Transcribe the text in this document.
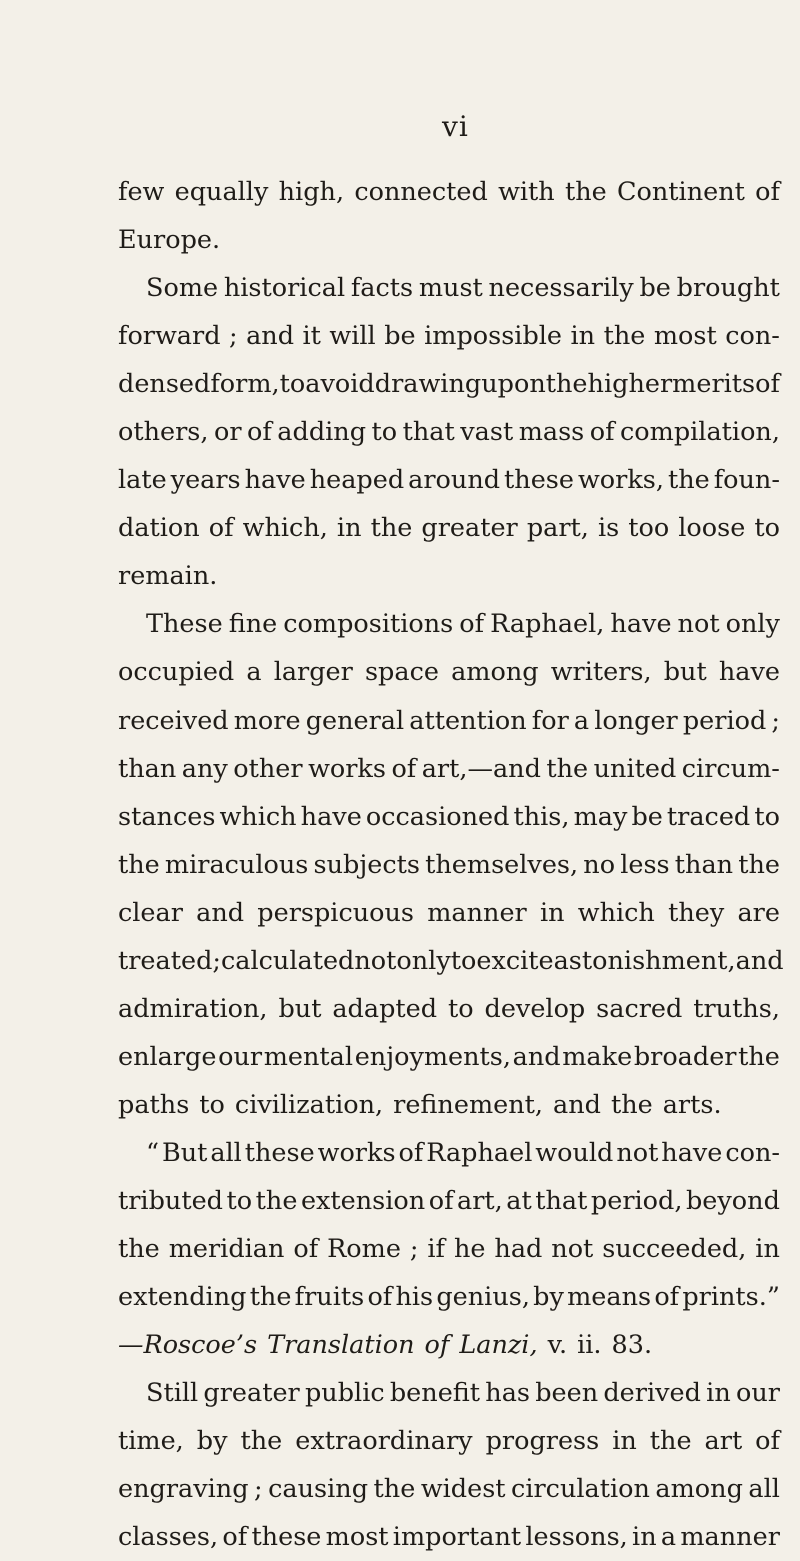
vi
few equally high, connected with the Continent of
Europe.
Some historical facts must necessarily be brought
forward ; and it will be impossible in the most con-
densed form, to avoid drawing upon the higher merits of
others, or of adding to that vast mass of compilation,
late years have heaped around these works, the foun-
dation of which, in the greater part, is too loose to
remain.
These fine compositions of Raphael, have not only
occupied a larger space among writers, but have
received more general attention for a longer period ;
than any other works of art,—and the united circum-
stances which have occasioned this, may be traced to
the miraculous subjects themselves, no less than the
clear and perspicuous manner in which they are
treated ; calculated not only to excite astonishment, and
admiration, but adapted to develop sacred truths,
enlarge our mental enjoyments, and make broader the
paths to civilization, refinement, and the arts.
“ But all these works of Raphael would not have con-
tributed to the extension of art, at that period, beyond
the meridian of Rome ; if he had not succeeded, in
extending the fruits of his genius, by means of prints.”
—Roscoe’s Translation of Lanzi, v. ii. 83.
Still greater public benefit has been derived in our
time, by the extraordinary progress in the art of
engraving ; causing the widest circulation among all
classes, of these most important lessons, in a manner
